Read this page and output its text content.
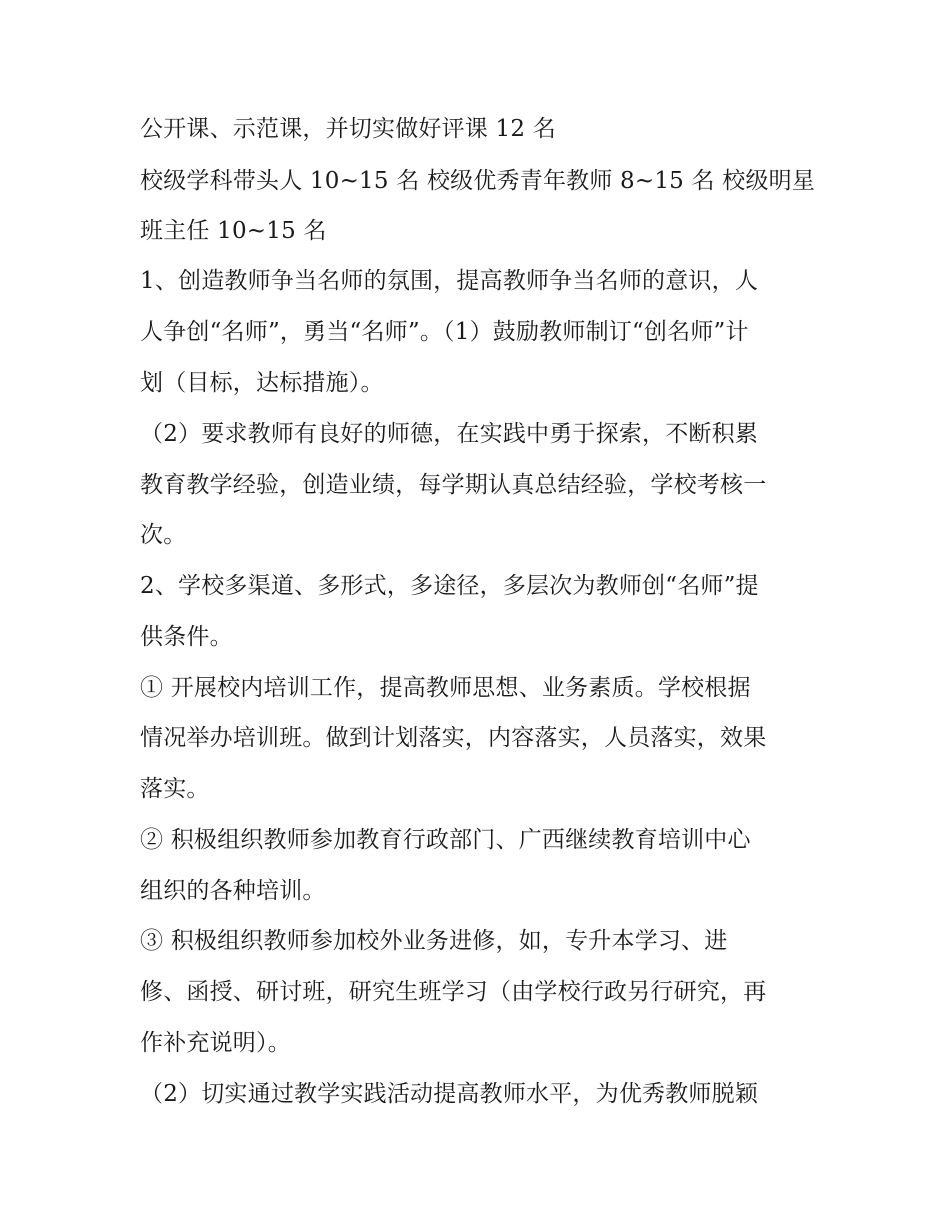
公开课、示范课，并切实做好评课 12 名
校级学科带头人 10~15 名 校级优秀青年教师 8~15 名 校级明星
班主任 10~15 名
1、创造教师争当名师的氛围，提高教师争当名师的意识，人
人争创“名师”，勇当“名师”。（1）鼓励教师制订“创名师”计
划（目标，达标措施）。
（2）要求教师有良好的师德，在实践中勇于探索，不断积累
教育教学经验，创造业绩，每学期认真总结经验，学校考核一
次。
2、学校多渠道、多形式，多途径，多层次为教师创“名师”提
供条件。
① 开展校内培训工作，提高教师思想、业务素质。学校根据
情况举办培训班。做到计划落实，内容落实，人员落实，效果
落实。
② 积极组织教师参加教育行政部门、广西继续教育培训中心
组织的各种培训。
③ 积极组织教师参加校外业务进修，如，专升本学习、进
修、函授、研讨班，研究生班学习（由学校行政另行研究，再
作补充说明）。
（2）切实通过教学实践活动提高教师水平，为优秀教师脱颖
